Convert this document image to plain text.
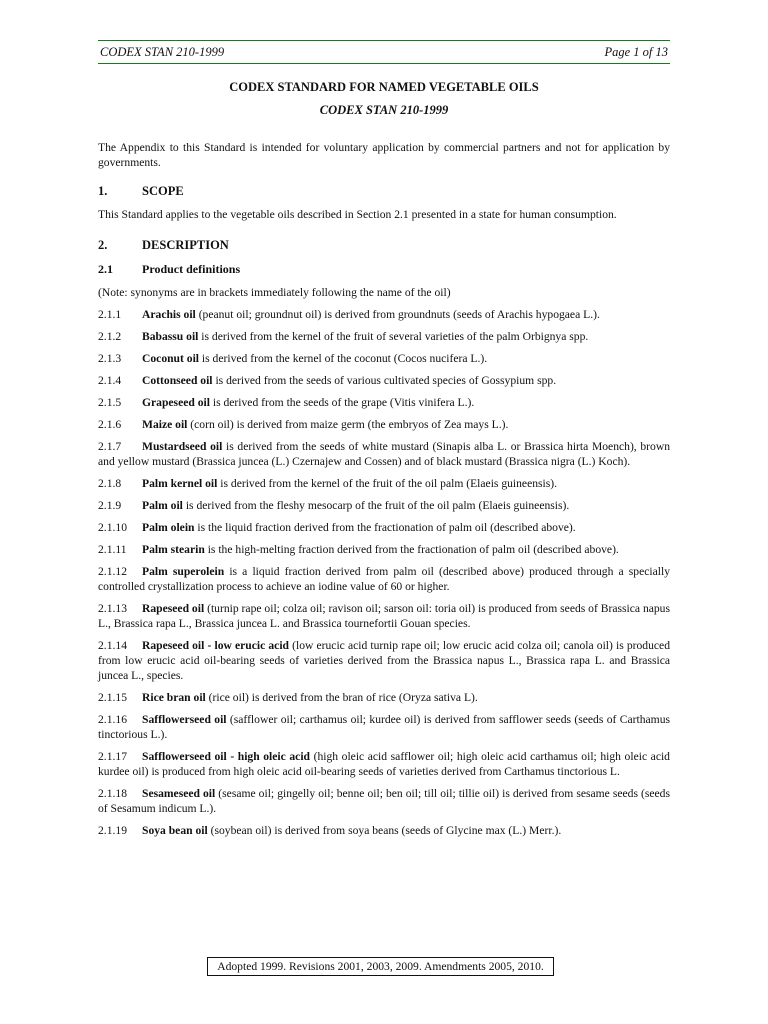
CODEX STAN 210-1999	Page 1 of 13
CODEX STANDARD FOR NAMED VEGETABLE OILS
CODEX STAN 210-1999

The Appendix to this Standard is intended for voluntary application by commercial partners and not for application by governments.

1.	SCOPE

This Standard applies to the vegetable oils described in Section 2.1 presented in a state for human consumption.

2.	DESCRIPTION
2.1	Product definitions

(Note: synonyms are in brackets immediately following the name of the oil)

2.1.1 Arachis oil (peanut oil; groundnut oil) is derived from groundnuts (seeds of Arachis hypogaea L.).

2.1.2 Babassu oil is derived from the kernel of the fruit of several varieties of the palm Orbignya spp.

2.1.3 Coconut oil is derived from the kernel of the coconut (Cocos nucifera L.).

2.1.4 Cottonseed oil is derived from the seeds of various cultivated species of Gossypium spp.

2.1.5 Grapeseed oil is derived from the seeds of the grape (Vitis vinifera L.).

2.1.6 Maize oil (corn oil) is derived from maize germ (the embryos of Zea mays L.).

2.1.7 Mustardseed oil is derived from the seeds of white mustard (Sinapis alba L. or Brassica hirta Moench), brown and yellow mustard (Brassica juncea (L.) Czernajew and Cossen) and of black mustard (Brassica nigra (L.) Koch).

2.1.8 Palm kernel oil is derived from the kernel of the fruit of the oil palm (Elaeis guineensis).

2.1.9 Palm oil is derived from the fleshy mesocarp of the fruit of the oil palm (Elaeis guineensis).

2.1.10 Palm olein is the liquid fraction derived from the fractionation of palm oil (described above).

2.1.11 Palm stearin is the high-melting fraction derived from the fractionation of palm oil (described above).

2.1.12 Palm superolein is a liquid fraction derived from palm oil (described above) produced through a specially controlled crystallization process to achieve an iodine value of 60 or higher.

2.1.13 Rapeseed oil (turnip rape oil; colza oil; ravison oil; sarson oil: toria oil) is produced from seeds of Brassica napus L., Brassica rapa L., Brassica juncea L. and Brassica tournefortii Gouan species.

2.1.14 Rapeseed oil - low erucic acid (low erucic acid turnip rape oil; low erucic acid colza oil; canola oil) is produced from low erucic acid oil-bearing seeds of varieties derived from the Brassica napus L., Brassica rapa L. and Brassica juncea L., species.

2.1.15 Rice bran oil (rice oil) is derived from the bran of rice (Oryza sativa L).

2.1.16 Safflowerseed oil (safflower oil; carthamus oil; kurdee oil) is derived from safflower seeds (seeds of Carthamus tinctorious L.).

2.1.17 Safflowerseed oil - high oleic acid (high oleic acid safflower oil; high oleic acid carthamus oil; high oleic acid kurdee oil) is produced from high oleic acid oil-bearing seeds of varieties derived from Carthamus tinctorious L.

2.1.18 Sesameseed oil (sesame oil; gingelly oil; benne oil; ben oil; till oil; tillie oil) is derived from sesame seeds (seeds of Sesamum indicum L.).

2.1.19 Soya bean oil (soybean oil) is derived from soya beans (seeds of Glycine max (L.) Merr.).

Adopted 1999. Revisions 2001, 2003, 2009. Amendments 2005, 2010.
